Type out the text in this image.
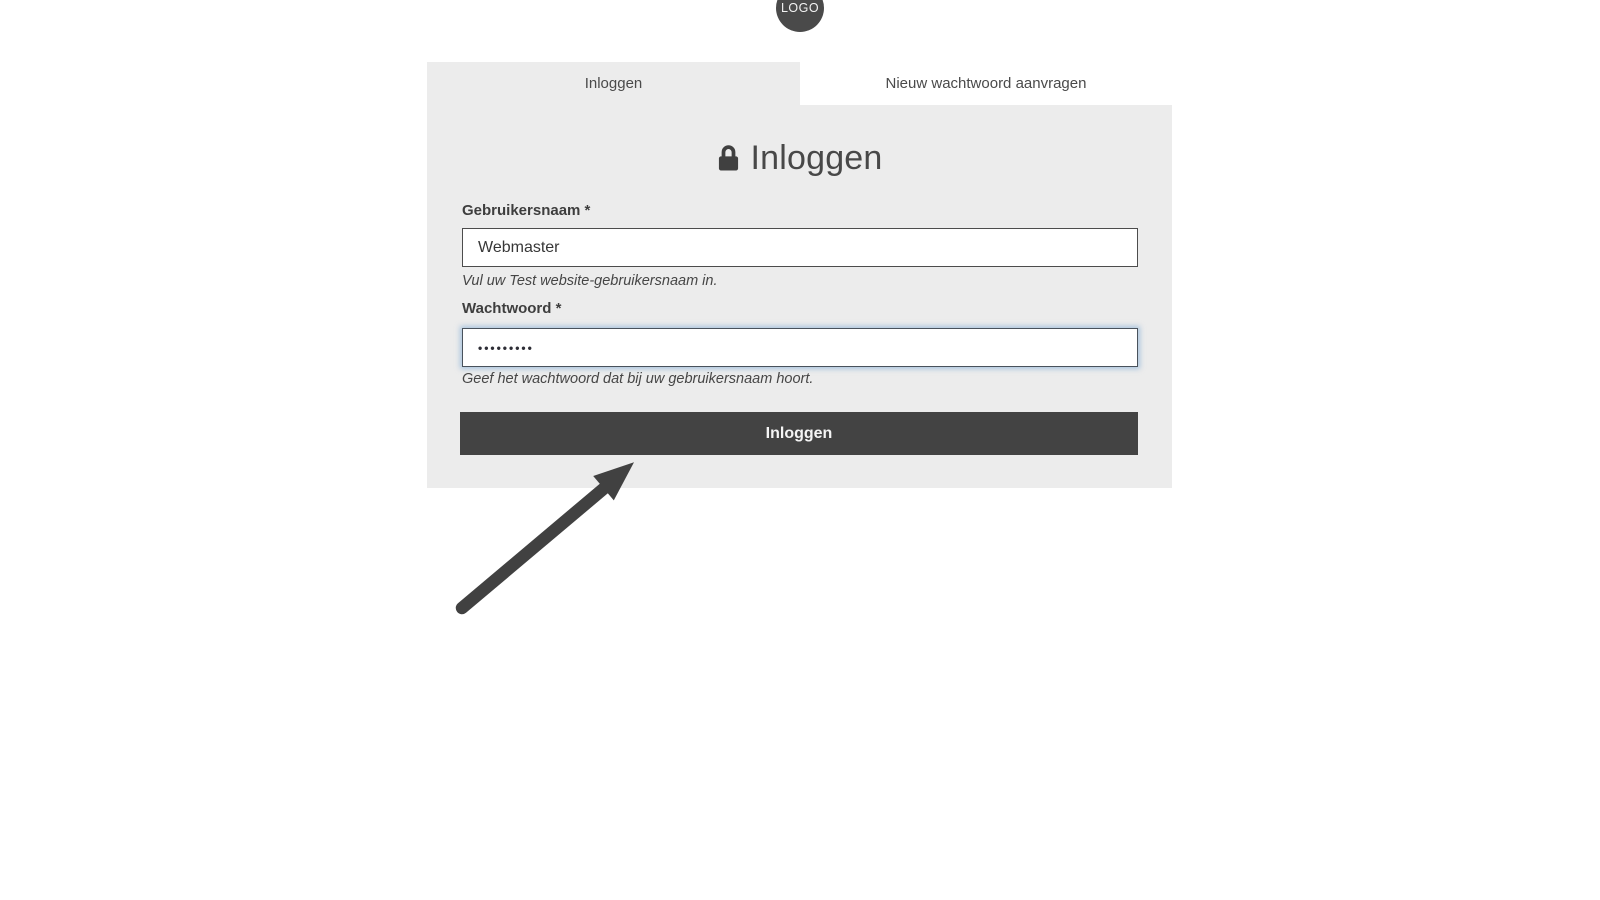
LOGO
Inloggen	Nieuw wachtwoord aanvragen
Inloggen
Gebruikersnaam *
Webmaster
Vul uw Test website-gebruikersnaam in.
Wachtwoord *
•••••••••
Geef het wachtwoord dat bij uw gebruikersnaam hoort.
Inloggen
